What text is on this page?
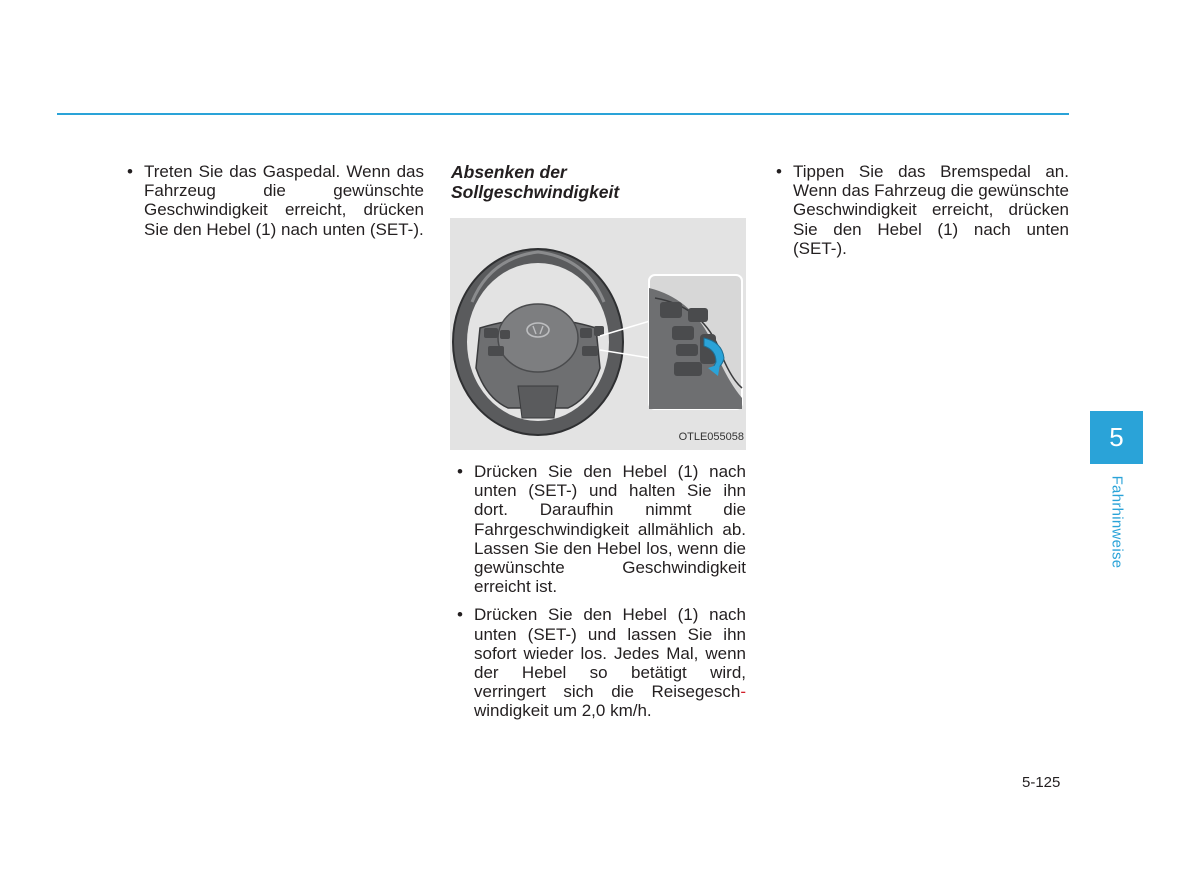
• Treten Sie das Gaspedal. Wenn das Fahrzeug die gewünschte Geschwindigkeit erreicht, drücken Sie den Hebel (1) nach unten (SET-).

Absenken der
Sollgeschwindigkeit

OTLE055058

• Drücken Sie den Hebel (1) nach unten (SET-) und halten Sie ihn dort. Daraufhin nimmt die Fahrgeschwindigkeit allmählich ab. Lassen Sie den Hebel los, wenn die gewünschte Geschwindigkeit erreicht ist.

• Drücken Sie den Hebel (1) nach unten (SET-) und lassen Sie ihn sofort wieder los. Jedes Mal, wenn der Hebel so betätigt wird, verringert sich die Reisegesch- windigkeit um 2,0 km/h.

• Tippen Sie das Bremspedal an. Wenn das Fahrzeug die gewünschte Geschwindigkeit erreicht, drücken Sie den Hebel (1) nach unten (SET-).

5
Fahrhinweise
5-125
